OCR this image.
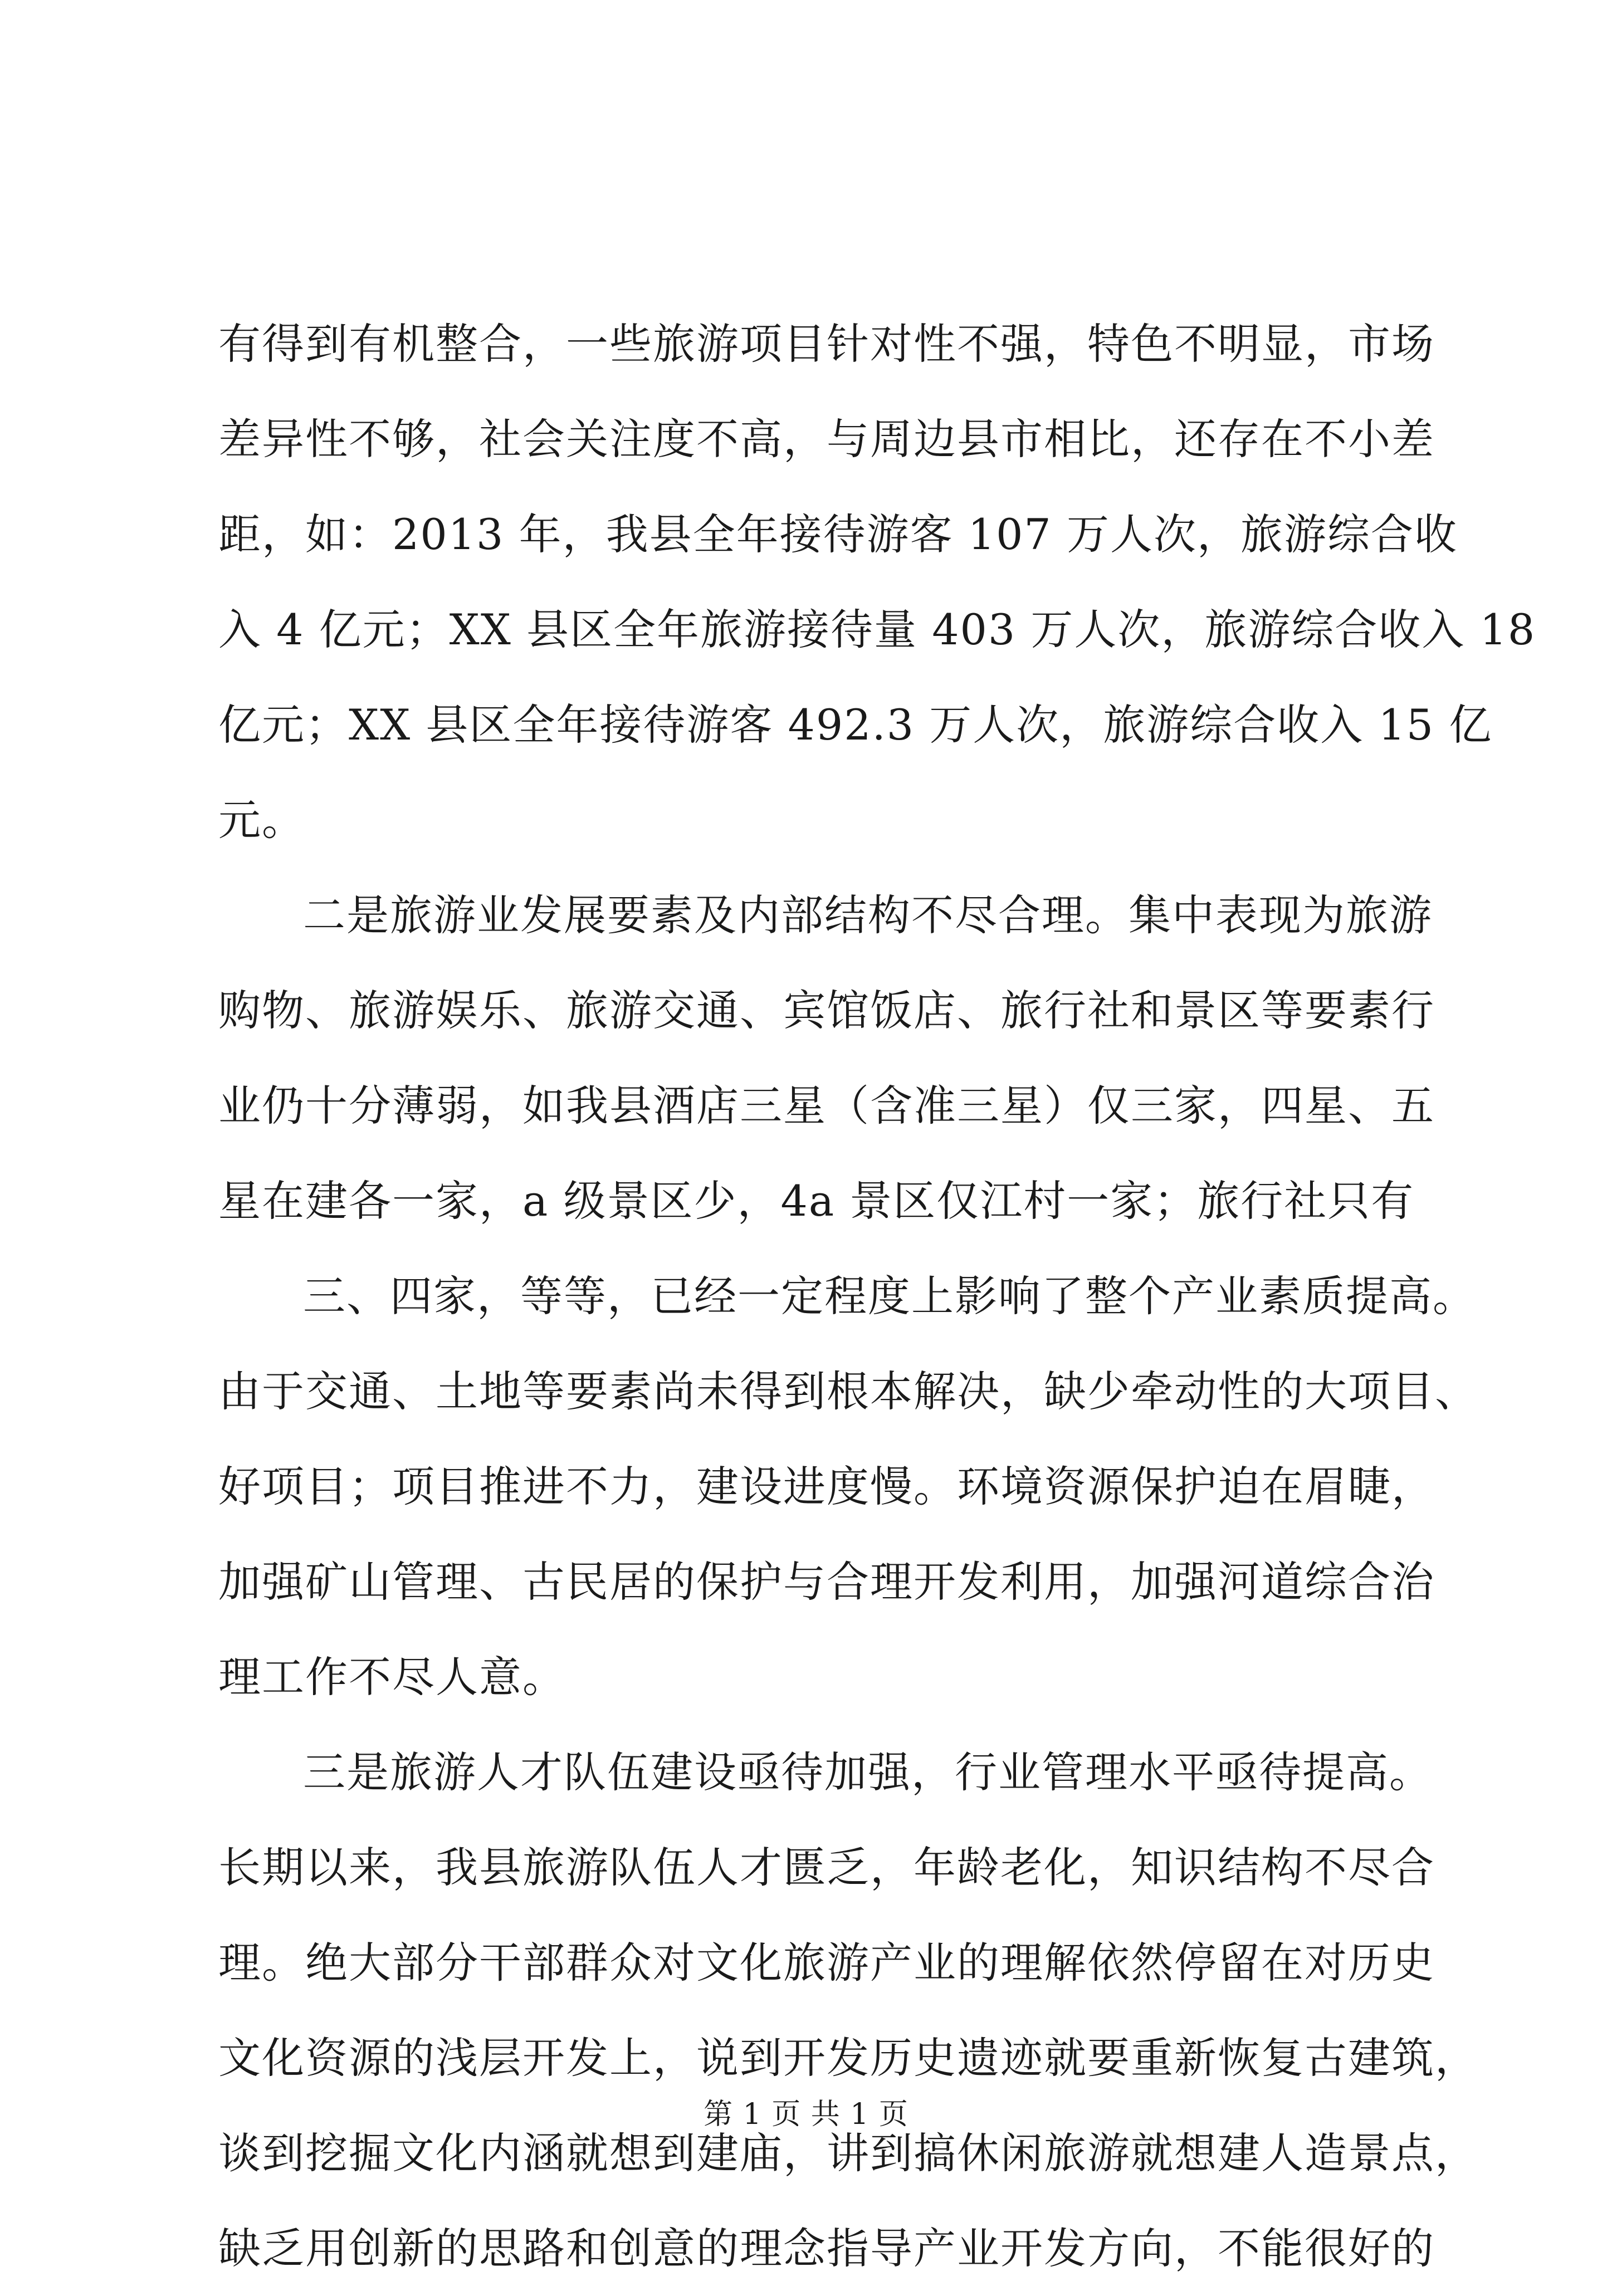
有得到有机整合，一些旅游项目针对性不强，特色不明显，市场
差异性不够，社会关注度不高，与周边县市相比，还存在不小差
距，如：2013 年，我县全年接待游客 107 万人次，旅游综合收
入 4 亿元；XX 县区全年旅游接待量 403 万人次，旅游综合收入 18
亿元；XX 县区全年接待游客 492.3 万人次，旅游综合收入 15 亿
元。
二是旅游业发展要素及内部结构不尽合理。集中表现为旅游
购物、旅游娱乐、旅游交通、宾馆饭店、旅行社和景区等要素行
业仍十分薄弱，如我县酒店三星（含准三星）仅三家，四星、五
星在建各一家，a 级景区少，4a 景区仅江村一家；旅行社只有
三、四家，等等，已经一定程度上影响了整个产业素质提高。
由于交通、土地等要素尚未得到根本解决，缺少牵动性的大项目、
好项目；项目推进不力，建设进度慢。环境资源保护迫在眉睫，
加强矿山管理、古民居的保护与合理开发利用，加强河道综合治
理工作不尽人意。
三是旅游人才队伍建设亟待加强，行业管理水平亟待提高。
长期以来，我县旅游队伍人才匮乏，年龄老化，知识结构不尽合
理。绝大部分干部群众对文化旅游产业的理解依然停留在对历史
文化资源的浅层开发上，说到开发历史遗迹就要重新恢复古建筑，
谈到挖掘文化内涵就想到建庙，讲到搞休闲旅游就想建人造景点，
缺乏用创新的思路和创意的理念指导产业开发方向，不能很好的
第 1 页 共 1 页
